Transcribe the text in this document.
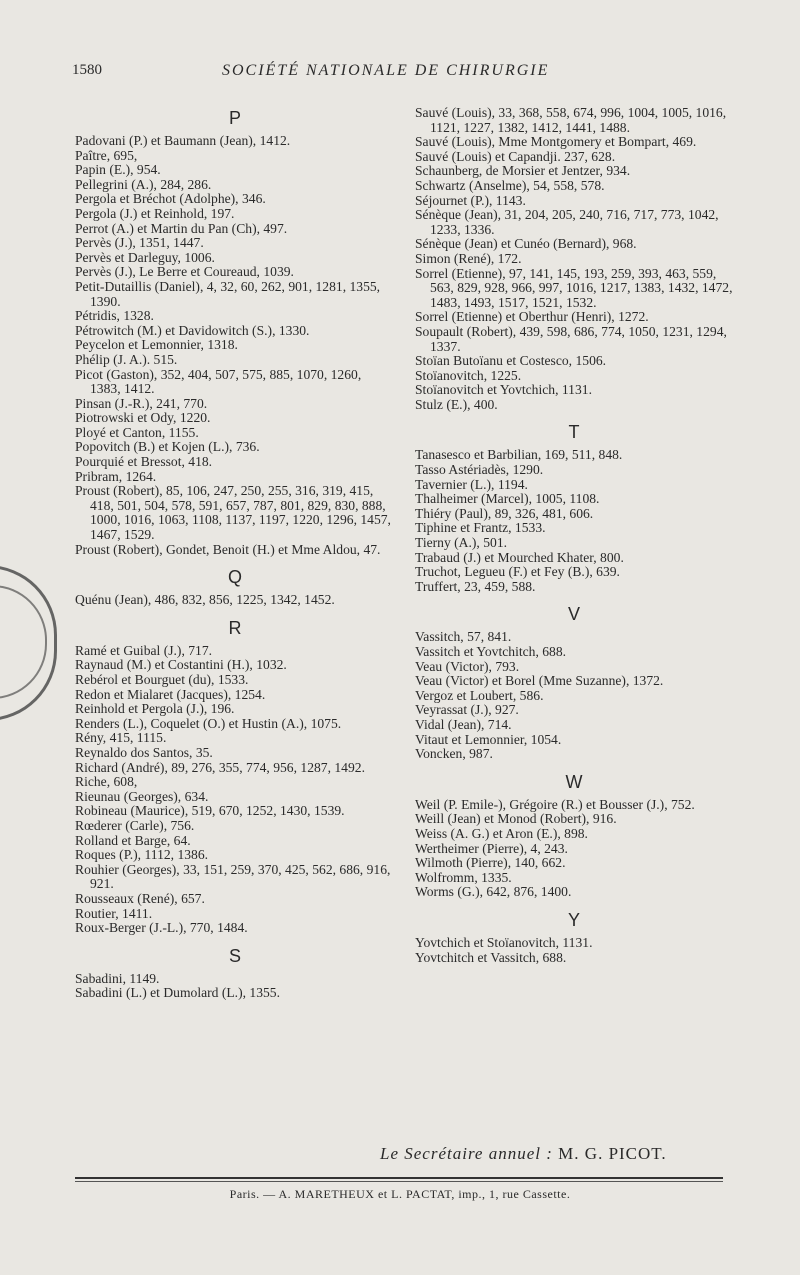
1580	SOCIÉTÉ NATIONALE DE CHIRURGIE
P
Padovani (P.) et Baumann (Jean), 1412.
Paître, 695,
Papin (E.), 954.
Pellegrini (A.), 284, 286.
Pergola et Bréchot (Adolphe), 346.
Pergola (J.) et Reinhold, 197.
Perrot (A.) et Martin du Pan (Ch), 497.
Pervès (J.), 1351, 1447.
Pervès et Darleguy, 1006.
Pervès (J.), Le Berre et Coureaud, 1039.
Petit-Dutaillis (Daniel), 4, 32, 60, 262, 901, 1281, 1355, 1390.
Pétridis, 1328.
Pétrowitch (M.) et Davidowitch (S.), 1330.
Peycelon et Lemonnier, 1318.
Phélip (J. A.). 515.
Picot (Gaston), 352, 404, 507, 575, 885, 1070, 1260, 1383, 1412.
Pinsan (J.-R.), 241, 770.
Piotrowski et Ody, 1220.
Ployé et Canton, 1155.
Popovitch (B.) et Kojen (L.), 736.
Pourquié et Bressot, 418.
Pribram, 1264.
Proust (Robert), 85, 106, 247, 250, 255, 316, 319, 415, 418, 501, 504, 578, 591, 657, 787, 801, 829, 830, 888, 1000, 1016, 1063, 1108, 1137, 1197, 1220, 1296, 1457, 1467, 1529.
Proust (Robert), Gondet, Benoit (H.) et Mme Aldou, 47.
Q
Quénu (Jean), 486, 832, 856, 1225, 1342, 1452.
R
Ramé et Guibal (J.), 717.
Raynaud (M.) et Costantini (H.), 1032.
Rebérol et Bourguet (du), 1533.
Redon et Mialaret (Jacques), 1254.
Reinhold et Pergola (J.), 196.
Renders (L.), Coquelet (O.) et Hustin (A.), 1075.
Rény, 415, 1115.
Reynaldo dos Santos, 35.
Richard (André), 89, 276, 355, 774, 956, 1287, 1492.
Riche, 608,
Rieunau (Georges), 634.
Robineau (Maurice), 519, 670, 1252, 1430, 1539.
Rœderer (Carle), 756.
Rolland et Barge, 64.
Roques (P.), 1112, 1386.
Rouhier (Georges), 33, 151, 259, 370, 425, 562, 686, 916, 921.
Rousseaux (René), 657.
Routier, 1411.
Roux-Berger (J.-L.), 770, 1484.
S
Sabadini, 1149.
Sabadini (L.) et Dumolard (L.), 1355.
Sauvé (Louis), 33, 368, 558, 674, 996, 1004, 1005, 1016, 1121, 1227, 1382, 1412, 1441, 1488.
Sauvé (Louis), Mme Montgomery et Bompart, 469.
Sauvé (Louis) et Capandji. 237, 628.
Schaunberg, de Morsier et Jentzer, 934.
Schwartz (Anselme), 54, 558, 578.
Séjournet (P.), 1143.
Sénèque (Jean), 31, 204, 205, 240, 716, 717, 773, 1042, 1233, 1336.
Sénèque (Jean) et Cunéo (Bernard), 968.
Simon (René), 172.
Sorrel (Etienne), 97, 141, 145, 193, 259, 393, 463, 559, 563, 829, 928, 966, 997, 1016, 1217, 1383, 1432, 1472, 1483, 1493, 1517, 1521, 1532.
Sorrel (Etienne) et Oberthur (Henri), 1272.
Soupault (Robert), 439, 598, 686, 774, 1050, 1231, 1294, 1337.
Stoïan Butoïanu et Costesco, 1506.
Stoïanovitch, 1225.
Stoïanovitch et Yovtchich, 1131.
Stulz (E.), 400.
T
Tanasesco et Barbilian, 169, 511, 848.
Tasso Astériadès, 1290.
Tavernier (L.), 1194.
Thalheimer (Marcel), 1005, 1108.
Thiéry (Paul), 89, 326, 481, 606.
Tiphine et Frantz, 1533.
Tierny (A.), 501.
Trabaud (J.) et Mourched Khater, 800.
Truchot, Legueu (F.) et Fey (B.), 639.
Truffert, 23, 459, 588.
V
Vassitch, 57, 841.
Vassitch et Yovtchitch, 688.
Veau (Victor), 793.
Veau (Victor) et Borel (Mme Suzanne), 1372.
Vergoz et Loubert, 586.
Veyrassat (J.), 927.
Vidal (Jean), 714.
Vitaut et Lemonnier, 1054.
Voncken, 987.
W
Weil (P. Emile-), Grégoire (R.) et Bousser (J.), 752.
Weill (Jean) et Monod (Robert), 916.
Weiss (A. G.) et Aron (E.), 898.
Wertheimer (Pierre), 4, 243.
Wilmoth (Pierre), 140, 662.
Wolfromm, 1335.
Worms (G.), 642, 876, 1400.
Y
Yovtchich et Stoïanovitch, 1131.
Yovtchitch et Vassitch, 688.
Le Secrétaire annuel : M. G. PICOT.
Paris. — A. MARETHEUX et L. PACTAT, imp., 1, rue Cassette.
